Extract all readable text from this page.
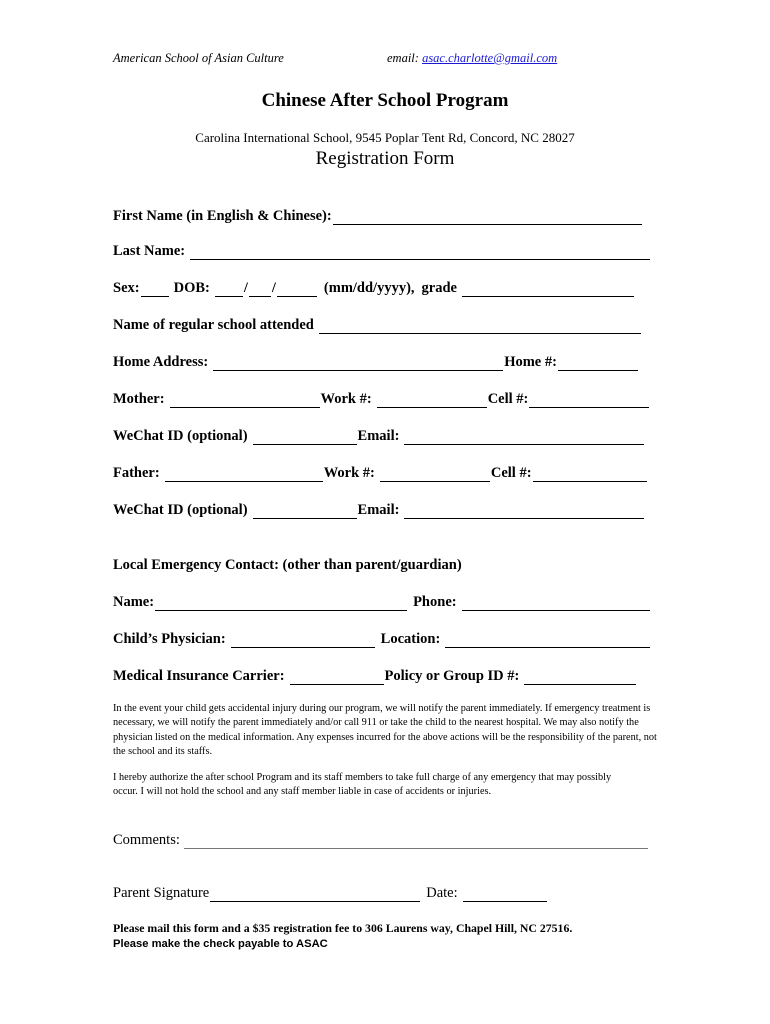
American School of Asian Culture	email: asac.charlotte@gmail.com
Chinese After School Program
Carolina International School, 9545 Poplar Tent Rd, Concord, NC 28027
Registration Form
First Name (in English & Chinese):
Last Name:
Sex: DOB: / /	(mm/dd/yyyy), grade
Name of regular school attended
Home Address:	Home #:
Mother:	Work #:	Cell #:
WeChat ID (optional)	Email:
Father:	Work #:	Cell #:
WeChat ID (optional)	Email:
Local Emergency Contact: (other than parent/guardian)
Name:	Phone:
Child’s Physician:	Location:
Medical Insurance Carrier:	Policy or Group ID #:
In the event your child gets accidental injury during our program, we will notify the parent immediately. If emergency treatment is necessary, we will notify the parent immediately and/or call 911 or take the child to the nearest hospital. We may also notify the physician listed on the medical information. Any expenses incurred for the above actions will be the responsibility of the parent, not the school and its staffs.
I hereby authorize the after school Program and its staff members to take full charge of any emergency that may possibly occur. I will not hold the school and any staff member liable in case of accidents or injuries.
Comments:
Parent Signature	Date:
Please mail this form and a $35 registration fee to 306 Laurens way, Chapel Hill, NC 27516.
Please make the check payable to ASAC
